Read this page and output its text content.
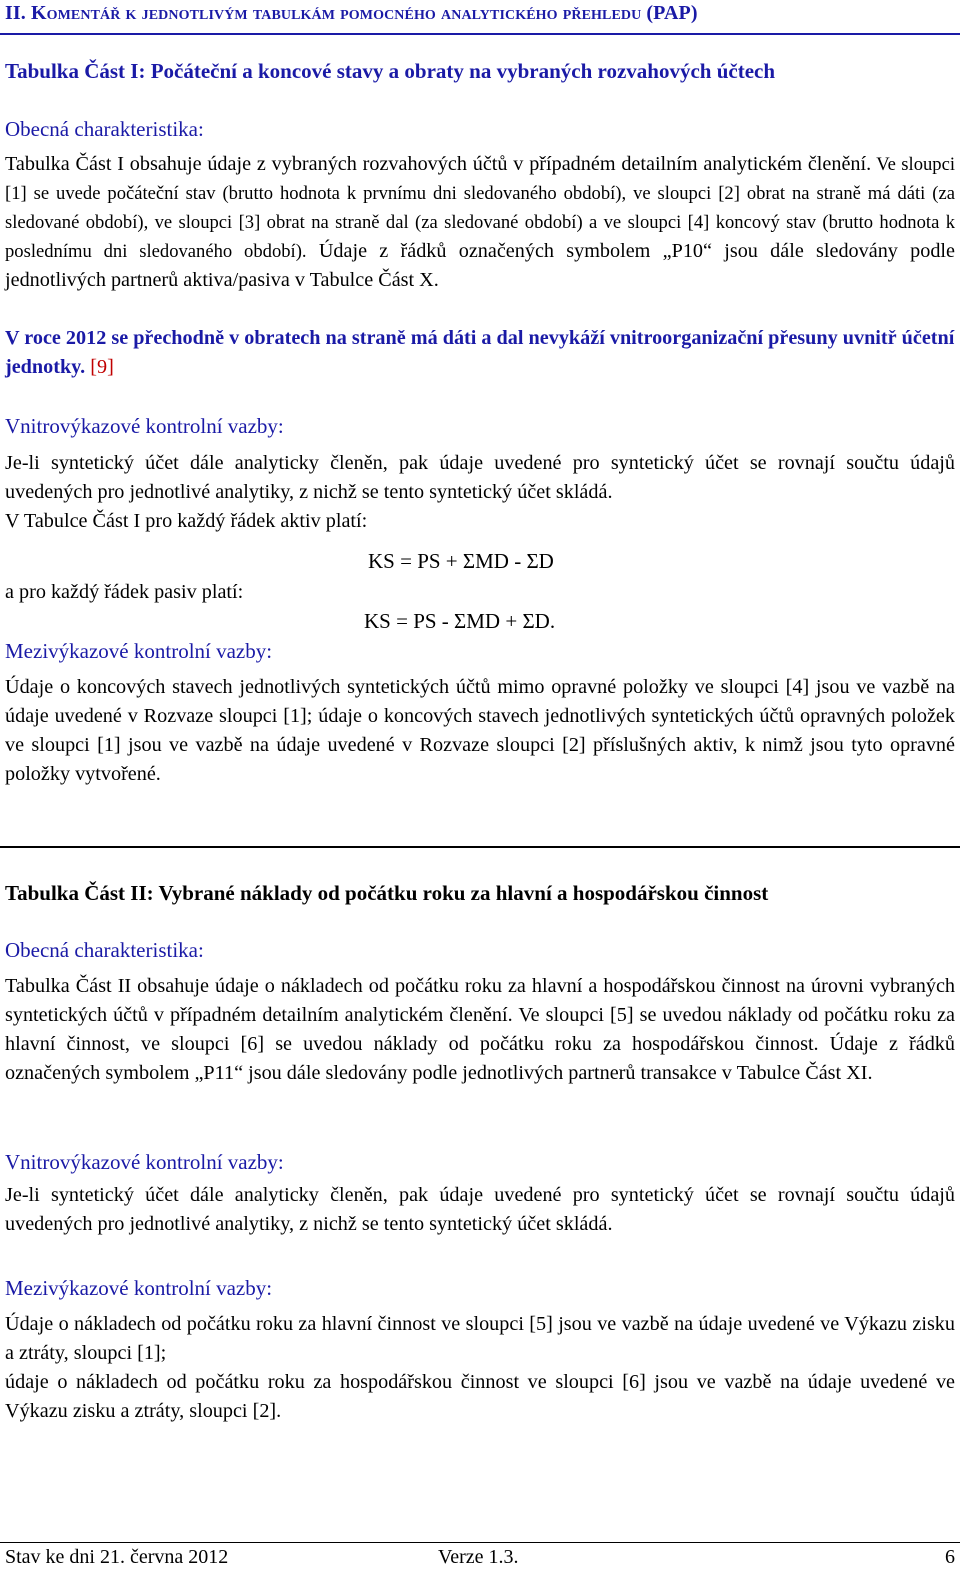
II. Komentář k jednotlivým tabulkám pomocného analytického přehledu (PAP)
Tabulka Část I: Počáteční a koncové stavy a obraty na vybraných rozvahových účtech
Obecná charakteristika:
Tabulka Část I obsahuje údaje z vybraných rozvahových účtů v případném detailním analytickém členění. Ve sloupci [1] se uvede počáteční stav (brutto hodnota k prvnímu dni sledovaného období), ve sloupci [2] obrat na straně má dáti (za sledované období), ve sloupci [3] obrat na straně dal (za sledované období) a ve sloupci [4] koncový stav (brutto hodnota k poslednímu dni sledovaného období). Údaje z řádků označených symbolem „P10“ jsou dále sledovány podle jednotlivých partnerů aktiva/pasiva v Tabulce Část X.
V roce 2012 se přechodně v obratech na straně má dáti a dal nevykáží vnitroorganizační přesuny uvnitř účetní jednotky. [9]
Vnitrovýkazové kontrolní vazby:
Je-li syntetický účet dále analyticky členěn, pak údaje uvedené pro syntetický účet se rovnají součtu údajů uvedených pro jednotlivé analytiky, z nichž se tento syntetický účet skládá.
V Tabulce Část I pro každý řádek aktiv platí:
KS = PS + ΣMD - ΣD
a pro každý řádek pasiv platí:
KS = PS - ΣMD + ΣD.
Mezivýkazové kontrolní vazby:
Údaje o koncových stavech jednotlivých syntetických účtů mimo opravné položky ve sloupci [4] jsou ve vazbě na údaje uvedené v Rozvaze sloupci [1]; údaje o koncových stavech jednotlivých syntetických účtů opravných položek ve sloupci [1] jsou ve vazbě na údaje uvedené v Rozvaze sloupci [2] příslušných aktiv, k nimž jsou tyto opravné položky vytvořené.
Tabulka Část II: Vybrané náklady od počátku roku za hlavní a hospodářskou činnost
Obecná charakteristika:
Tabulka Část II obsahuje údaje o nákladech od počátku roku za hlavní a hospodářskou činnost na úrovni vybraných syntetických účtů v případném detailním analytickém členění. Ve sloupci [5] se uvedou náklady od počátku roku za hlavní činnost, ve sloupci [6] se uvedou náklady od počátku roku za hospodářskou činnost. Údaje z řádků označených symbolem „P11“ jsou dále sledovány podle jednotlivých partnerů transakce v Tabulce Část XI.
Vnitrovýkazové kontrolní vazby:
Je-li syntetický účet dále analyticky členěn, pak údaje uvedené pro syntetický účet se rovnají součtu údajů uvedených pro jednotlivé analytiky, z nichž se tento syntetický účet skládá.
Mezivýkazové kontrolní vazby:
Údaje o nákladech od počátku roku za hlavní činnost ve sloupci [5] jsou ve vazbě na údaje uvedené ve Výkazu zisku a ztráty, sloupci [1];
údaje o nákladech od počátku roku za hospodářskou činnost ve sloupci [6] jsou ve vazbě na údaje uvedené ve Výkazu zisku a ztráty, sloupci [2].
Stav ke dni 21. června 2012	Verze 1.3.	6
